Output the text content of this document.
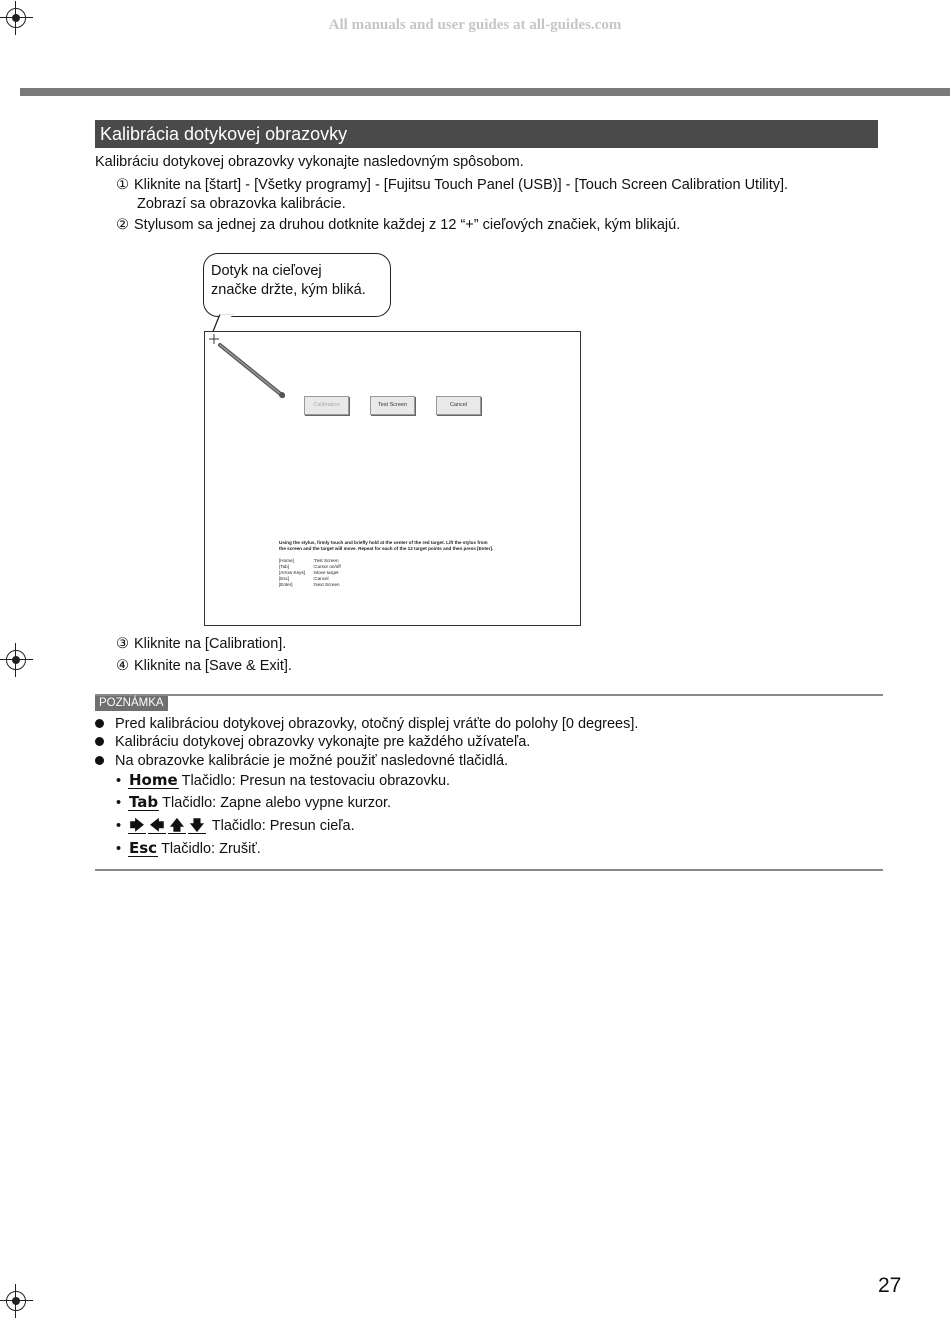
All manuals and user guides at all-guides.com
Kalibrácia dotykovej obrazovky
Kalibráciu dotykovej obrazovky vykonajte nasledovným spôsobom.
① Kliknite na [štart] - [Všetky programy] - [Fujitsu Touch Panel (USB)] - [Touch Screen Calibration Utility].
Zobrazí sa obrazovka kalibrácie.
② Stylusom sa jednej za druhou dotknite každej z 12 “+” cieľových značiek, kým blikajú.
Dotyk na cieľovej
značke držte, kým bliká.
Calibration	Test Screen	Cancel
Using the stylus, firmly touch and briefly hold at the center of the red target. Lift the stylus from
the screen and the target will move. Repeat for each of the 12 target points and then press [Enter].
[Home]	:Test Screen
[Tab]	:Cursor on/off
[Arrow Keys] :Move target
[Esc]	:Cancel
[Enter]	:Next Screen
③ Kliknite na [Calibration].
④ Kliknite na [Save & Exit].
POZNÁMKA
Pred kalibráciou dotykovej obrazovky, otočný displej vráťte do polohy [0 degrees].
Kalibráciu dotykovej obrazovky vykonajte pre každého užívateľa.
Na obrazovke kalibrácie je možné použiť nasledovné tlačidlá.
• Home Tlačidlo: Presun na testovaciu obrazovku.
• Tab Tlačidlo: Zapne alebo vypne kurzor.
• 🡆 🡄 🡅 🡇 Tlačidlo: Presun cieľa.
• Esc Tlačidlo: Zrušiť.
27
